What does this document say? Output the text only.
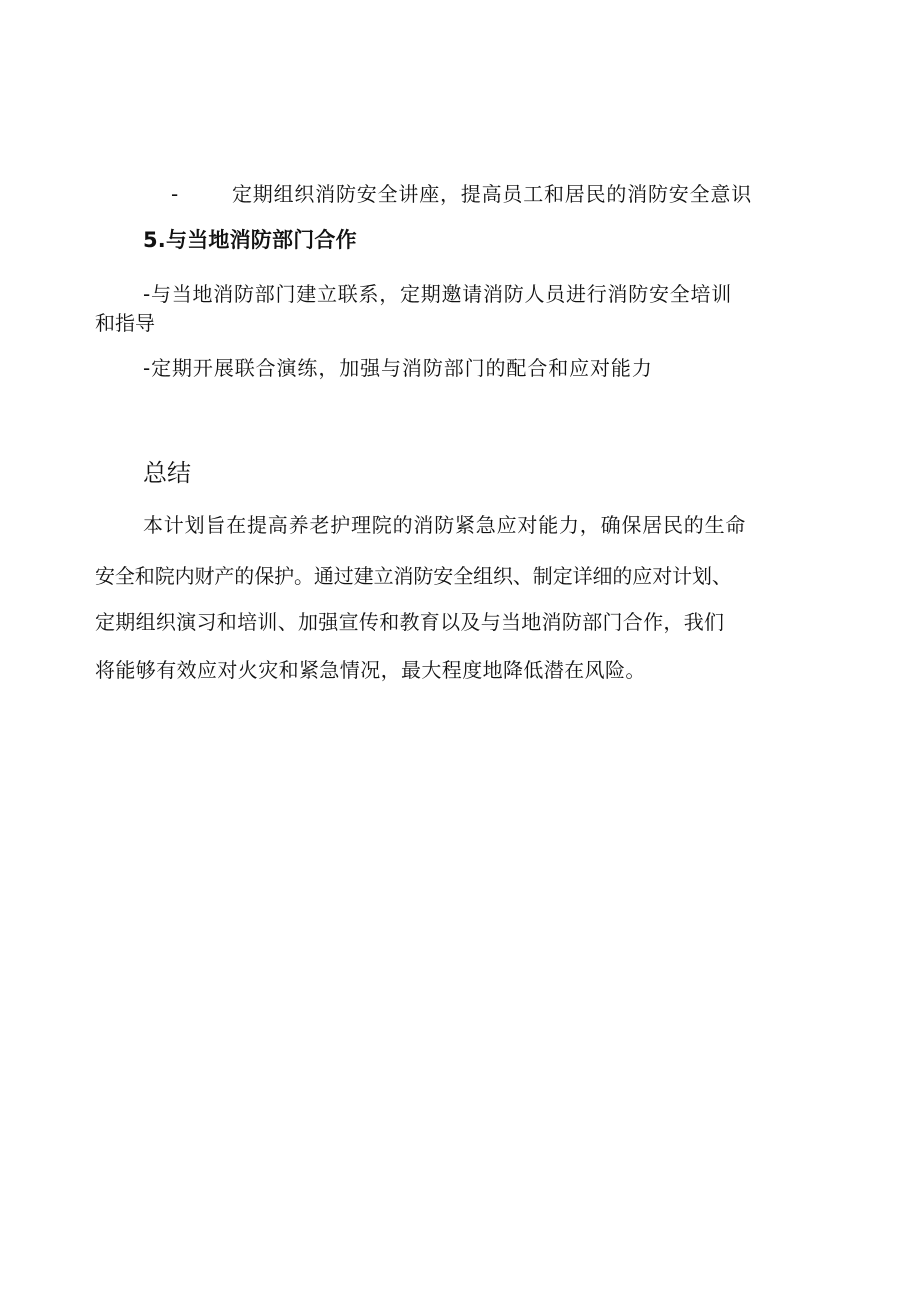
-	定期组织消防安全讲座，提高员工和居民的消防安全意识
5.与当地消防部门合作
-与当地消防部门建立联系，定期邀请消防人员进行消防安全培训
和指导
-定期开展联合演练，加强与消防部门的配合和应对能力
总结
本计划旨在提高养老护理院的消防紧急应对能力，确保居民的生命
安全和院内财产的保护。通过建立消防安全组织、制定详细的应对计划、
定期组织演习和培训、加强宣传和教育以及与当地消防部门合作，我们
将能够有效应对火灾和紧急情况，最大程度地降低潜在风险。
